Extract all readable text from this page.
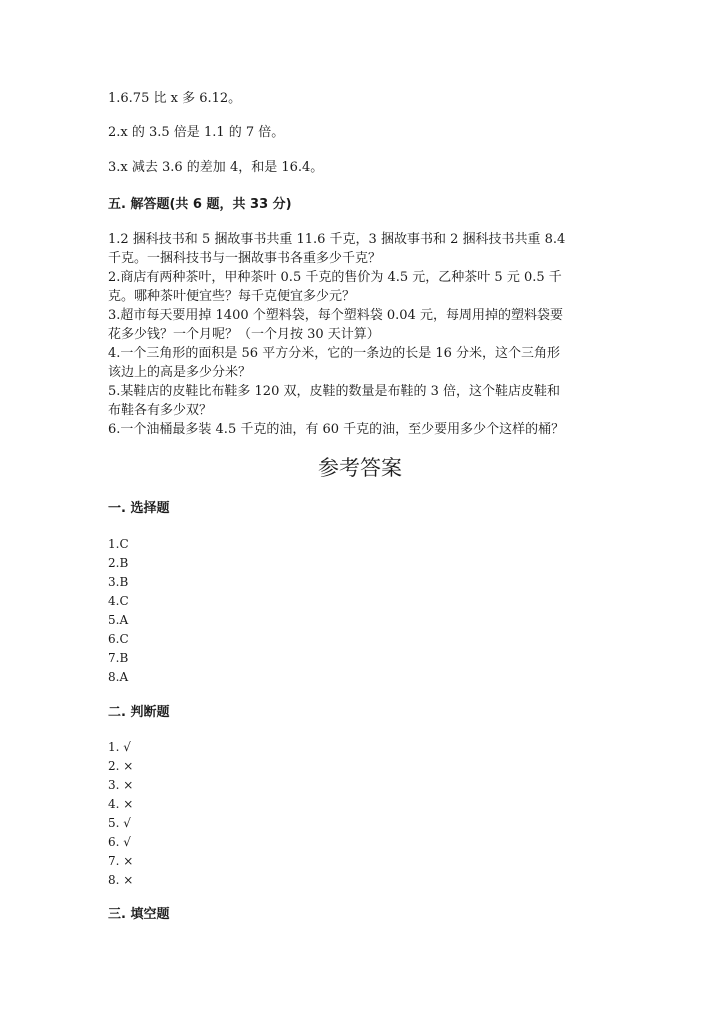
1.6.75 比 x 多 6.12。
2.x 的 3.5 倍是 1.1 的 7 倍。
3.x 减去 3.6 的差加 4，和是 16.4。
五. 解答题(共 6 题，共 33 分)
1.2 捆科技书和 5 捆故事书共重 11.6 千克，3 捆故事书和 2 捆科技书共重 8.4
千克。一捆科技书与一捆故事书各重多少千克？
2.商店有两种茶叶，甲种茶叶 0.5 千克的售价为 4.5 元，乙种茶叶 5 元 0.5 千
克。哪种茶叶便宜些？每千克便宜多少元？
3.超市每天要用掉 1400 个塑料袋，每个塑料袋 0.04 元，每周用掉的塑料袋要
花多少钱？一个月呢？（一个月按 30 天计算）
4.一个三角形的面积是 56 平方分米，它的一条边的长是 16 分米，这个三角形
该边上的高是多少分米？
5.某鞋店的皮鞋比布鞋多 120 双，皮鞋的数量是布鞋的 3 倍，这个鞋店皮鞋和
布鞋各有多少双？
6.一个油桶最多装 4.5 千克的油，有 60 千克的油，至少要用多少个这样的桶？
参考答案
一. 选择题
1.C
2.B
3.B
4.C
5.A
6.C
7.B
8.A
二. 判断题
1. √
2. ×
3. ×
4. ×
5. √
6. √
7. ×
8. ×
三. 填空题
